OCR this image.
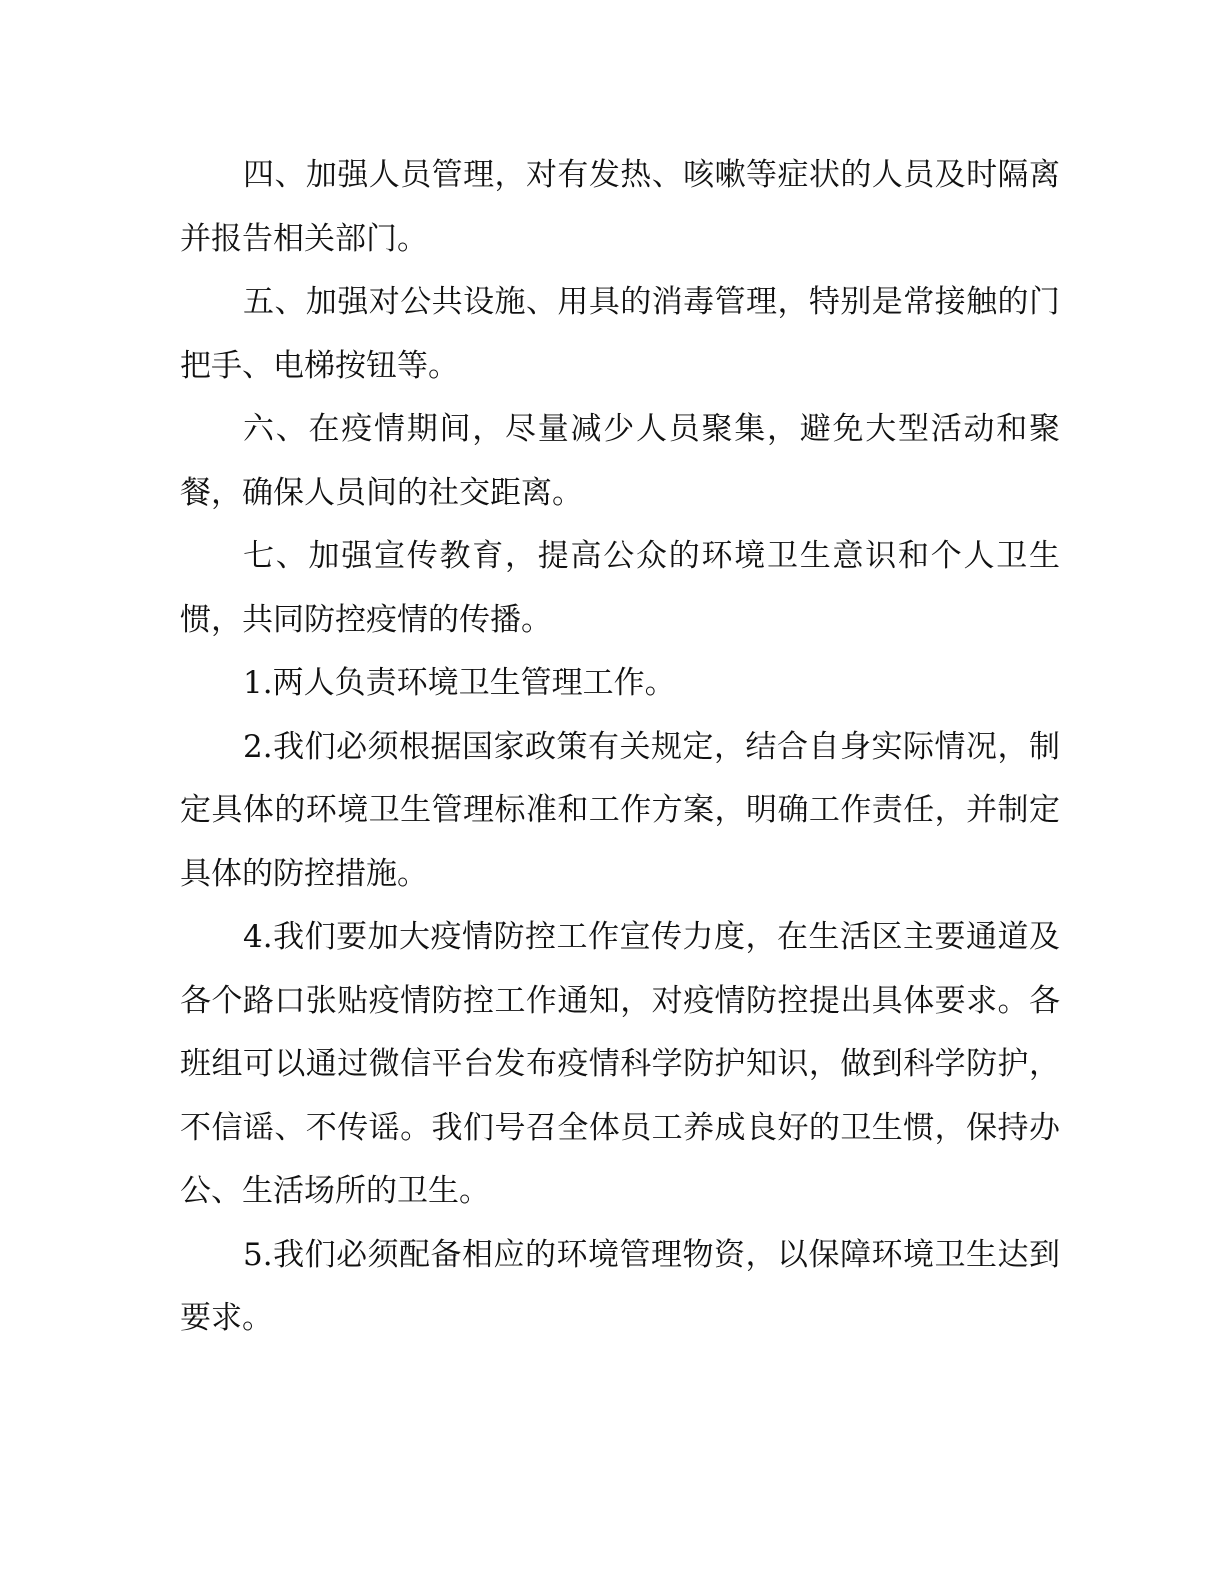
四、加强人员管理，对有发热、咳嗽等症状的人员及时隔离并报告相关部门。

五、加强对公共设施、用具的消毒管理，特别是常接触的门把手、电梯按钮等。

六、在疫情期间，尽量减少人员聚集，避免大型活动和聚餐，确保人员间的社交距离。

七、加强宣传教育，提高公众的环境卫生意识和个人卫生惯，共同防控疫情的传播。

1.两人负责环境卫生管理工作。

2.我们必须根据国家政策有关规定，结合自身实际情况，制定具体的环境卫生管理标准和工作方案，明确工作责任，并制定具体的防控措施。

4.我们要加大疫情防控工作宣传力度，在生活区主要通道及各个路口张贴疫情防控工作通知，对疫情防控提出具体要求。各班组可以通过微信平台发布疫情科学防护知识，做到科学防护，不信谣、不传谣。我们号召全体员工养成良好的卫生惯，保持办公、生活场所的卫生。

5.我们必须配备相应的环境管理物资，以保障环境卫生达到要求。
